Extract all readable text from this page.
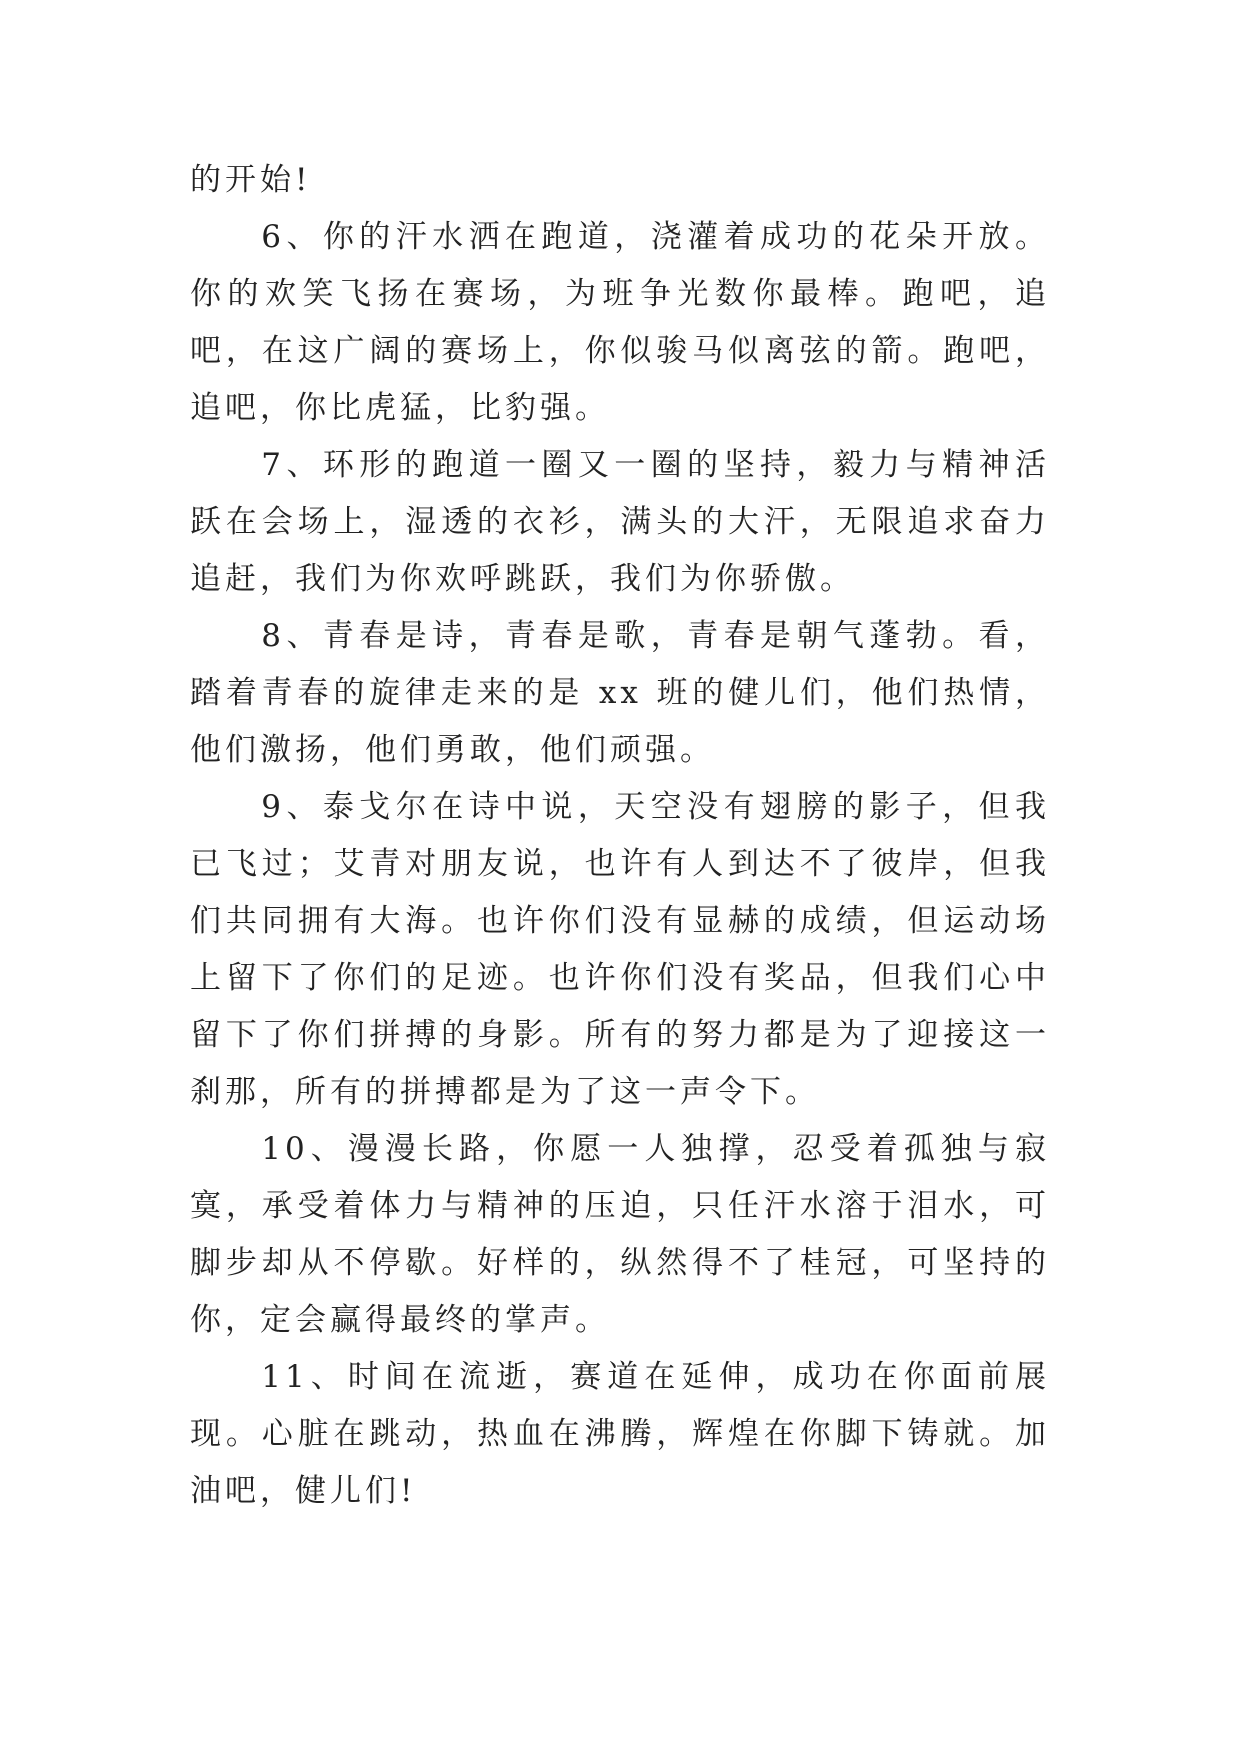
的开始!

6、你的汗水洒在跑道，浇灌着成功的花朵开放。你的欢笑飞扬在赛场，为班争光数你最棒。跑吧，追吧，在这广阔的赛场上，你似骏马似离弦的箭。跑吧，追吧，你比虎猛，比豹强。

7、环形的跑道一圈又一圈的坚持，毅力与精神活跃在会场上，湿透的衣衫，满头的大汗，无限追求奋力追赶，我们为你欢呼跳跃，我们为你骄傲。

8、青春是诗，青春是歌，青春是朝气蓬勃。看，踏着青春的旋律走来的是 xx 班的健儿们，他们热情，他们激扬，他们勇敢，他们顽强。

9、泰戈尔在诗中说，天空没有翅膀的影子，但我已飞过；艾青对朋友说，也许有人到达不了彼岸，但我们共同拥有大海。也许你们没有显赫的成绩，但运动场上留下了你们的足迹。也许你们没有奖品，但我们心中留下了你们拼搏的身影。所有的努力都是为了迎接这一刹那，所有的拼搏都是为了这一声令下。

10、漫漫长路，你愿一人独撑，忍受着孤独与寂寞，承受着体力与精神的压迫，只任汗水溶于泪水，可脚步却从不停歇。好样的，纵然得不了桂冠，可坚持的你，定会赢得最终的掌声。

11、时间在流逝，赛道在延伸，成功在你面前展现。心脏在跳动，热血在沸腾，辉煌在你脚下铸就。加油吧，健儿们!
